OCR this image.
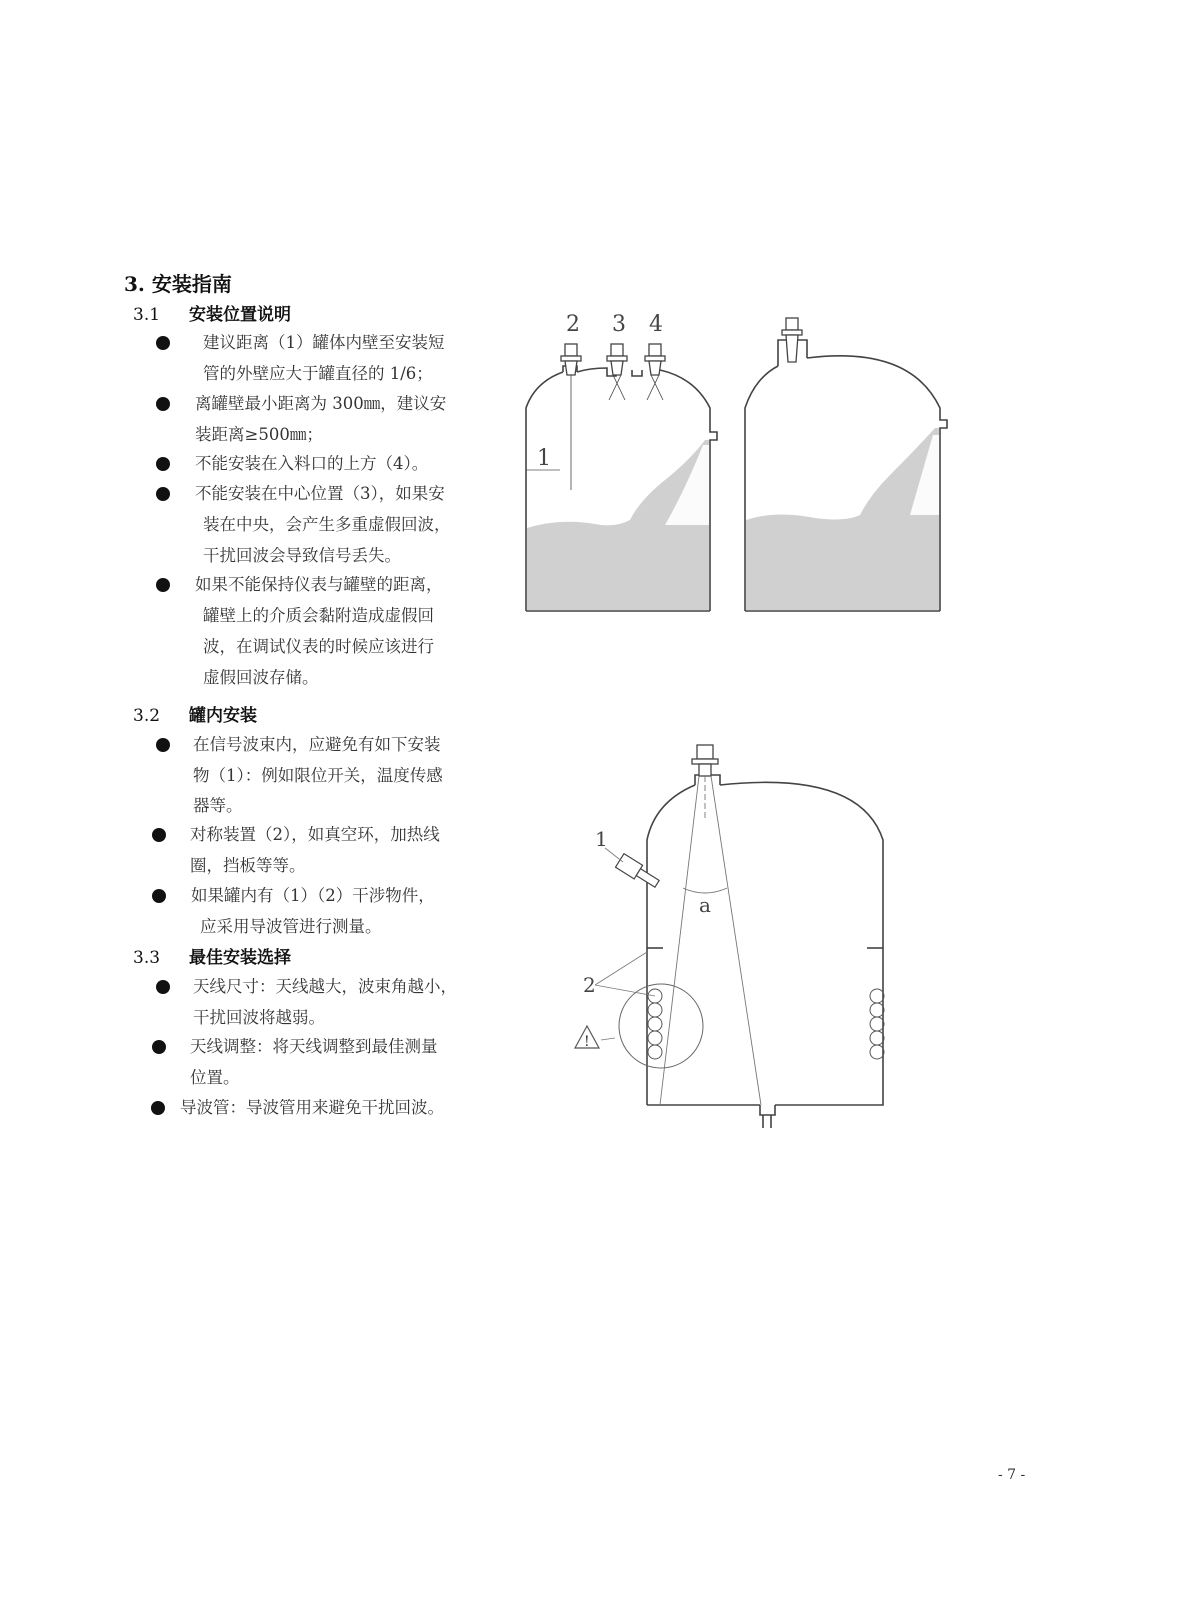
3. 安装指南
3.1 安装位置说明
建议距离（1）罐体内壁至安装短
管的外壁应大于罐直径的 1/6；
离罐壁最小距离为 300㎜，建议安
装距离≥500㎜；
不能安装在入料口的上方（4）。
不能安装在中心位置（3），如果安
装在中央，会产生多重虚假回波，
干扰回波会导致信号丢失。
如果不能保持仪表与罐壁的距离，
罐壁上的介质会黏附造成虚假回
波，在调试仪表的时候应该进行
虚假回波存储。
3.2 罐内安装
在信号波束内，应避免有如下安装
物（1）：例如限位开关，温度传感
器等。
对称装置（2），如真空环，加热线
圈，挡板等等。
如果罐内有（1）（2）干涉物件，
应采用导波管进行测量。
3.3 最佳安装选择
天线尺寸：天线越大，波束角越小，
干扰回波将越弱。
天线调整：将天线调整到最佳测量
位置。
导波管：导波管用来避免干扰回波。
1
2 3 4
a
1
2
!
- 7 -
